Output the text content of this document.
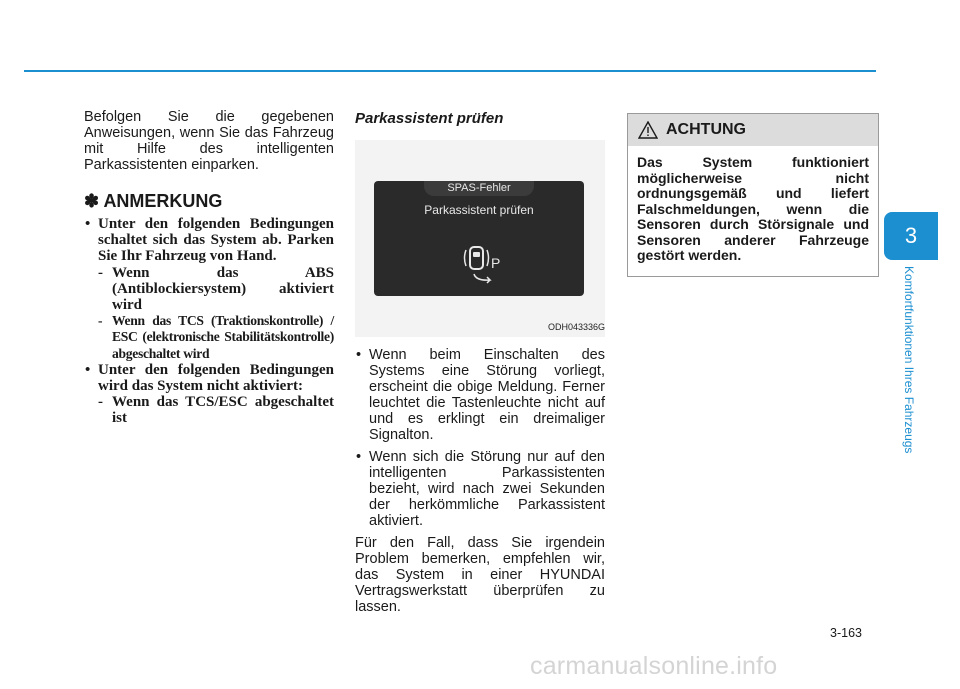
Befolgen Sie die gegebenen Anweisungen, wenn Sie das Fahrzeug mit Hilfe des intelligenten Parkassistenten einparken.

✽ ANMERKUNG
• Unter den folgenden Bedingungen schaltet sich das System ab. Parken Sie Ihr Fahrzeug von Hand.
- Wenn das ABS (Antiblockiersystem) aktiviert wird
- Wenn das TCS (Traktionskontrolle) / ESC (elektronische Stabilitätskontrolle) abgeschaltet wird
• Unter den folgenden Bedingungen wird das System nicht aktiviert:
- Wenn das TCS/ESC abgeschaltet ist

Parkassistent prüfen

SPAS-Fehler
Parkassistent prüfen
P
ODH043336G
• Wenn beim Einschalten des Systems eine Störung vorliegt, erscheint die obige Meldung. Ferner leuchtet die Tastenleuchte nicht auf und es erklingt ein dreimaliger Signalton.
• Wenn sich die Störung nur auf den intelligenten Parkassistenten bezieht, wird nach zwei Sekunden der herkömmliche Parkassistent aktiviert.

Für den Fall, dass Sie irgendein Problem bemerken, empfehlen wir, das System in einer HYUNDAI Vertragswerkstatt überprüfen zu lassen.

ACHTUNG
Das System funktioniert möglicherweise nicht ordnungsgemäß und liefert Falschmeldungen, wenn die Sensoren durch Störsignale und Sensoren anderer Fahrzeuge gestört werden.
3
Komfortfunktionen Ihres Fahrzeugs
3-163
carmanualsonline.info
